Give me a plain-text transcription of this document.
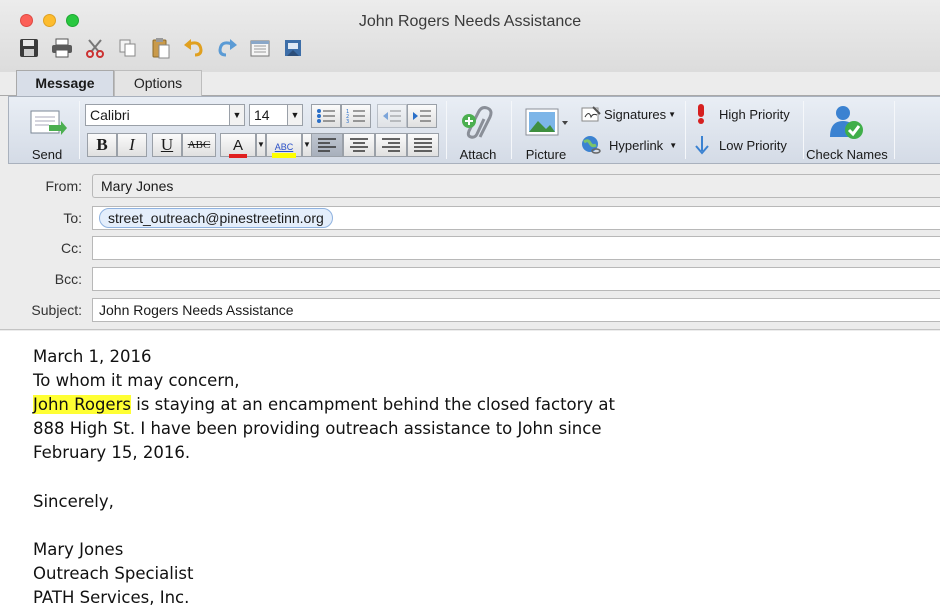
John Rogers Needs Assistance
Message	Options
Send
Calibri	▼ 14	▼
B	I	U	ABC	A	▼	ABC	▼
1
2
3
Attach	Picture
Signatures ▼
Hyperlink ▼
High Priority
Low Priority
Check Names
From:	Mary Jones
To:	street_outreach@pinestreetinn.org
Cc:
Bcc:
Subject:	John Rogers Needs Assistance
March 1, 2016
To whom it may concern,
John Rogers is staying at an encampment behind the closed factory at
888 High St. I have been providing outreach assistance to John since
February 15, 2016.
Sincerely,
Mary Jones
Outreach Specialist
PATH Services, Inc.
